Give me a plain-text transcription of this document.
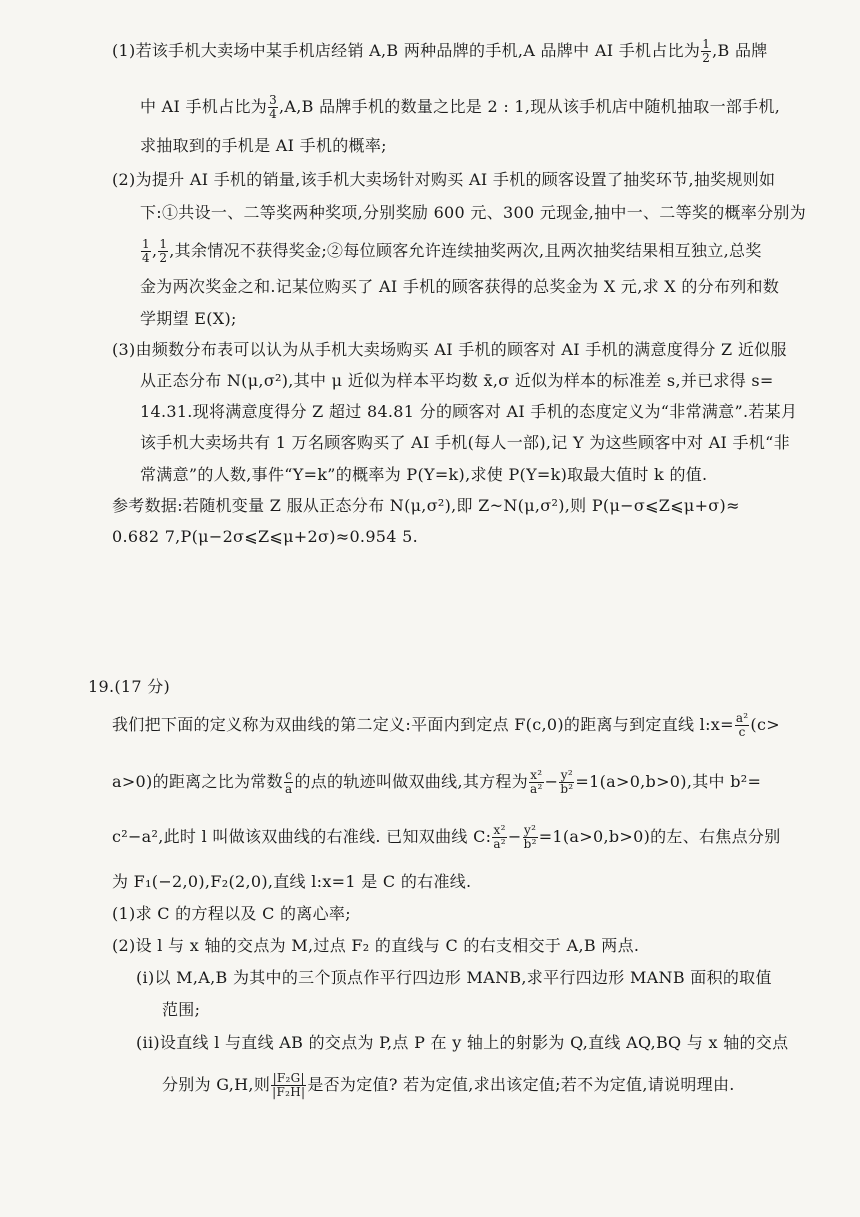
(1)若该手机大卖场中某手机店经销 A,B 两种品牌的手机,A 品牌中 AI 手机占比为 $\frac{1}{2} ,B$ 品牌
中 AI 手机占比为 $\frac{3}{4} ,A,B$ 品牌手机的数量之比是 2 : 1,现从该手机店中随机抽取一部手机,
求抽取到的手机是 AI 手机的概率;
(2)为提升 AI 手机的销量,该手机大卖场针对购买 AI 手机的顾客设置了抽奖环节,抽奖规则如
下:①共设一、二等奖两种奖项,分别奖励 600 元、300 元现金,抽中一、二等奖的概率分别为
$\frac{1}{4}$ , $\frac{1}{2}$ ,其余情况不获得奖金;②每位顾客允许连续抽奖两次,且两次抽奖结果相互独立,总奖
金为两次奖金之和.记某位购买了 AI 手机的顾客获得的总奖金为 X 元,求 X 的分布列和数
学期望 E(X);
(3)由频数分布表可以认为从手机大卖场购买 AI 手机的顾客对 AI 手机的满意度得分 Z 近似服
从正态分布 N(μ,σ²),其中 μ 近似为样本平均数 x̄,σ 近似为样本的标准差 s,并已求得 s=
14.31.现将满意度得分 Z 超过 84.81 分的顾客对 AI 手机的态度定义为“非常满意”.若某月
该手机大卖场共有 1 万名顾客购买了 AI 手机(每人一部),记 Y 为这些顾客中对 AI 手机“非
常满意”的人数,事件“Y=k”的概率为 P(Y=k),求使 P(Y=k)取最大值时 k 的值.
参考数据:若随机变量 Z 服从正态分布 N(μ,σ²),即 Z~N(μ,σ²),则 P(μ−σ⩽Z⩽μ+σ)≈
0.682 7,P(μ−2σ⩽Z⩽μ+2σ)≈0.954 5.
19.(17 分)
我们把下面的定义称为双曲线的第二定义:平面内到定点 F(c,0)的距离与到定直线 l:x= $\frac{\text{a²}}{c} (c>$
a>0)的距离之比为常数 $\frac{c}{a}$ 的点的轨迹叫做双曲线,其方程为 $\frac{\text{x²}}{\text{a²}} - \frac{\text{y²}}{\text{b²}} =1(a>0,b>0)$,其中 b²=
c²−a²,此时 l 叫做该双曲线的右准线. 已知双曲线 C: $\frac{\text{x²}}{\text{a²}} - \frac{\text{y²}}{\text{b²}} =1(a>0,b>0)$的左、右焦点分别
为 F₁(−2,0),F₂(2,0),直线 l:x=1 是 C 的右准线.
(1)求 C 的方程以及 C 的离心率;
(2)设 l 与 x 轴的交点为 M,过点 F₂ 的直线与 C 的右支相交于 A,B 两点.
(i)以 M,A,B 为其中的三个顶点作平行四边形 MANB,求平行四边形 MANB 面积的取值
范围;
(ii)设直线 l 与直线 AB 的交点为 P,点 P 在 y 轴上的射影为 Q,直线 AQ,BQ 与 x 轴的交点
分别为 G,H,则 $\frac{\text{|F₂G|}}{\text{|F₂H|}}$ 是否为定值? 若为定值,求出该定值;若不为定值,请说明理由.
